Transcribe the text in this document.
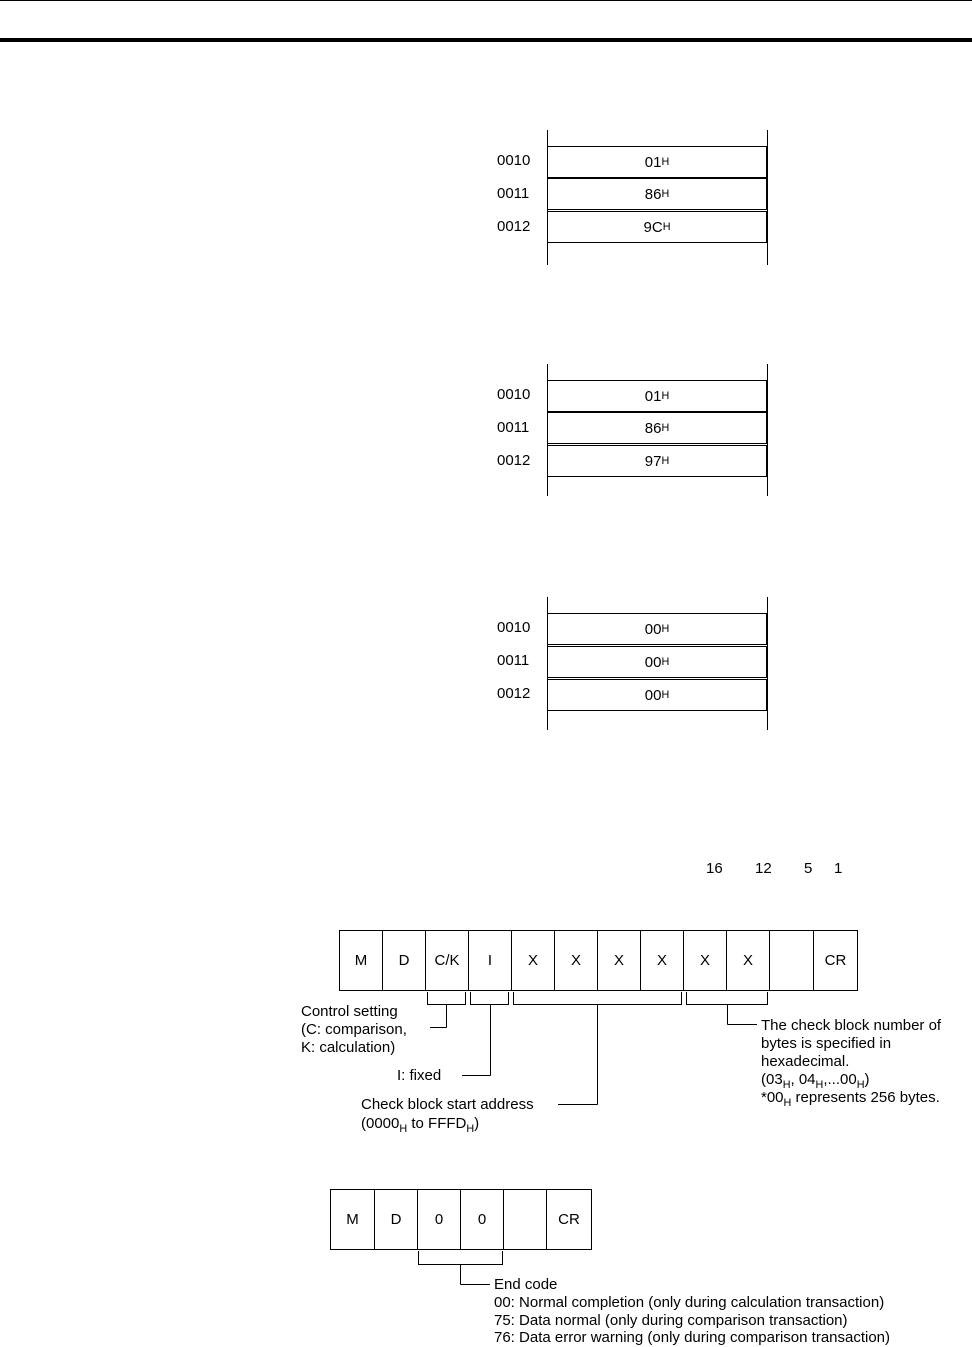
0010	01 H
0011	86 H
0012	9C H
0010	01 H
0011	86 H
0012	97 H
0010	00 H
0011	00 H
0012	00 H
16 12 5 1
M	D	C/K	I	X	X	X	X	X	X	CR
Control setting
(C: comparison,
K: calculation)
I: fixed
Check block start address
($0000_H$ to $FFFD_H$)
The check block number of
bytes is specified in
hexadecimal.
($03_H$, $04_H,...00_H$)
$*00_H$ represents 256 bytes.
M	D	0	0	CR
End code
00: Normal completion (only during calculation transaction)
75: Data normal (only during comparison transaction)
76: Data error warning (only during comparison transaction)
